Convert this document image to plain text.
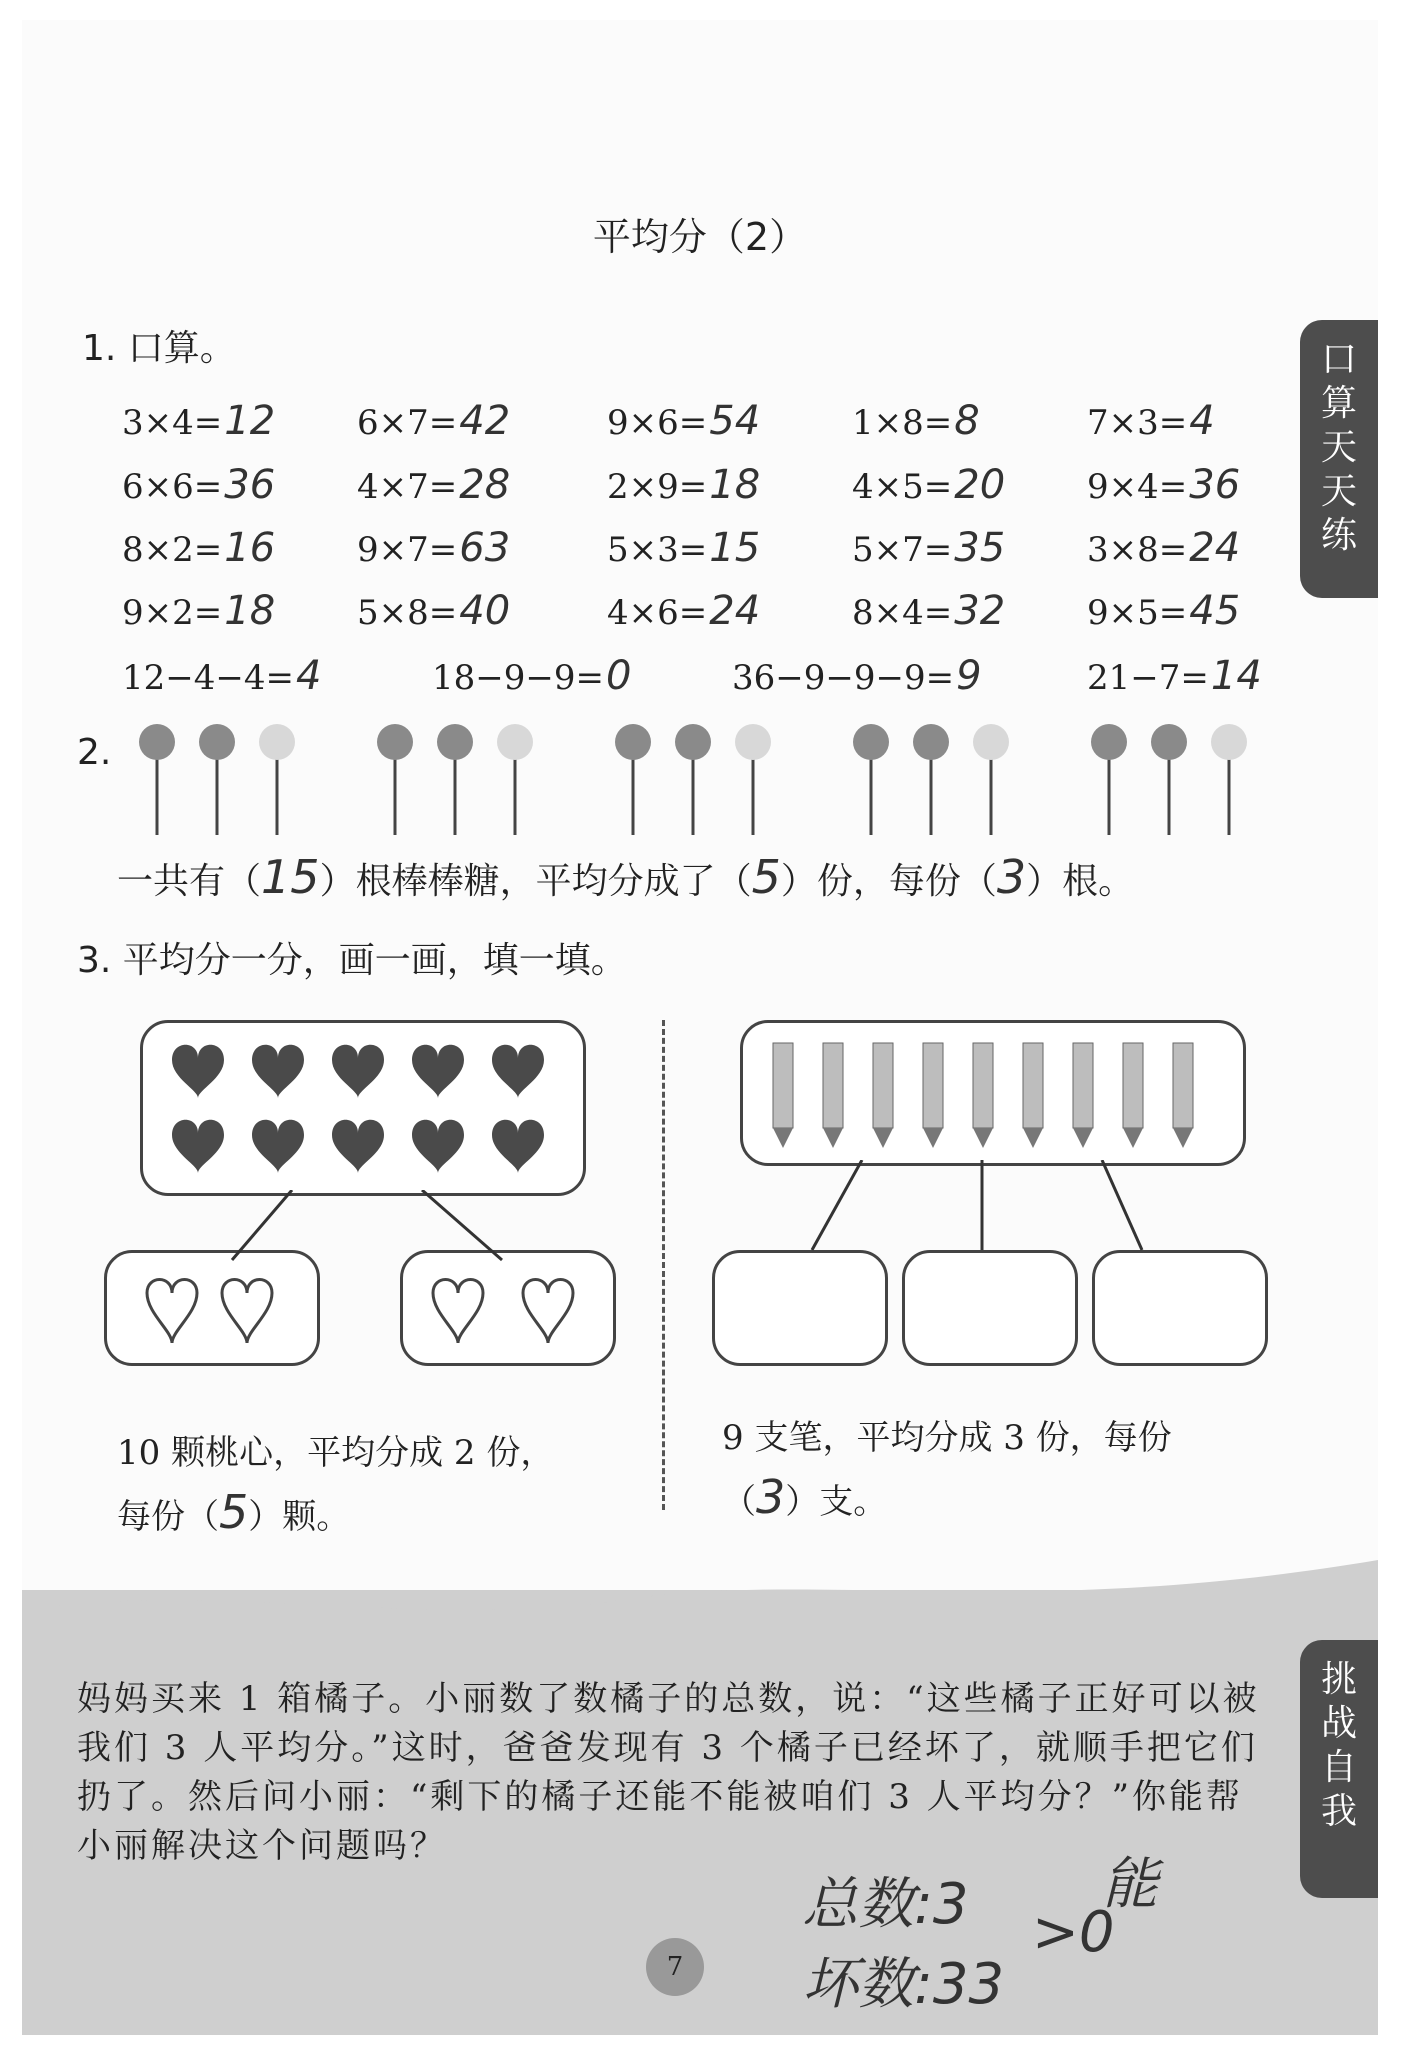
平均分（2）
口
算
天
天
练
1. 口算。
3×4=12 6×7=42	9×6=54	1×8=8	7×3=4
6×6=36 4×7=28	2×9=18	4×5=20 9×4=36
8×2=16 9×7=63	5×3=15	5×7=35 3×8=24
9×2=18 5×8=40	4×6=24	8×4=32 9×5=45
12−4−4=4	18−9−9=0	36−9−9−9=9	21−7=14
2.
一共有（15）根棒棒糖，平均分成了（5）份，每份（3）根。
3. 平均分一分，画一画，填一填。
10 颗桃心，平均分成 2 份，
每份（5）颗。
9 支笔，平均分成 3 份，每份
（3）支。
挑
战
自
我
妈妈买来 1 箱橘子。小丽数了数橘子的总数，说：“这些橘子正好可以被我们 3 人平均分。”这时，爸爸发现有 3 个橘子已经坏了，就顺手把它们扔了。然后问小丽：“剩下的橘子还能不能被咱们 3 人平均分？”你能帮小丽解决这个问题吗？
总数:3
坏数:33
>0
能
7
